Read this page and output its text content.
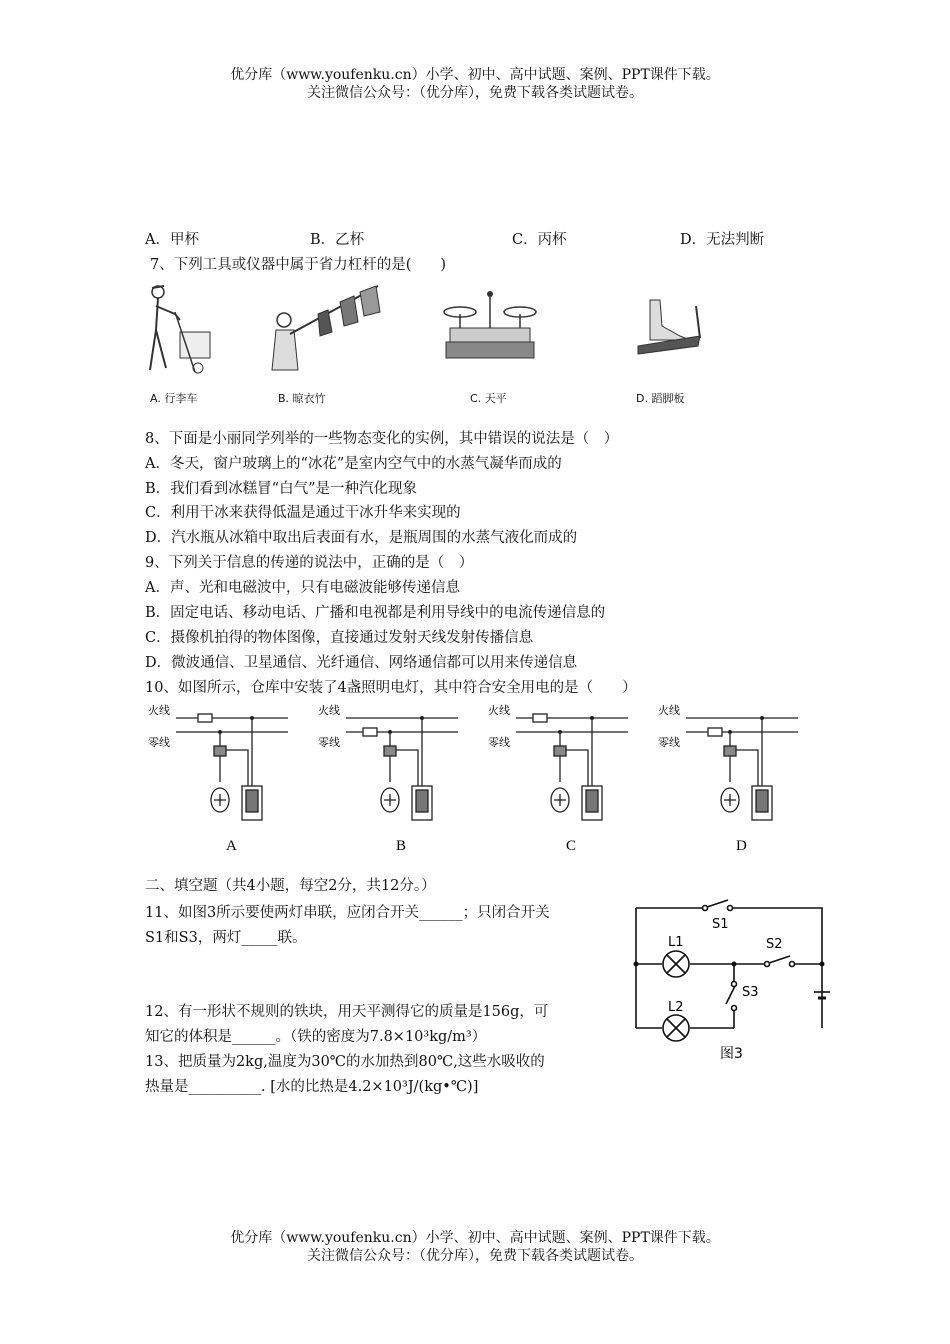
优分库（www.youfenku.cn）小学、初中、高中试题、案例、PPT课件下载。
关注微信公众号：（优分库），免费下载各类试题试卷。
A．甲杯	B．乙杯	C．丙杯	D．无法判断
7、下列工具或仪器中属于省力杠杆的是(　　)
A. 行李车	B. 晾衣竹	C. 天平	D. 蹈脚板
8、下面是小丽同学列举的一些物态变化的实例，其中错误的说法是（　）
A．冬天，窗户玻璃上的“冰花”是室内空气中的水蒸气凝华而成的
B．我们看到冰糕冒“白气”是一种汽化现象
C．利用干冰来获得低温是通过干冰升华来实现的
D．汽水瓶从冰箱中取出后表面有水，是瓶周围的水蒸气液化而成的
9、下列关于信息的传递的说法中，正确的是（　）
A．声、光和电磁波中，只有电磁波能够传递信息
B．固定电话、移动电话、广播和电视都是利用导线中的电流传递信息的
C．摄像机拍得的物体图像，直接通过发射天线发射传播信息
D．微波通信、卫星通信、光纤通信、网络通信都可以用来传递信息
10、如图所示，仓库中安装了4盏照明电灯，其中符合安全用电的是（　　）
火线
零线
A
火线
零线
B
火线
零线
C
火线
零线
D
二、填空题（共4小题，每空2分，共12分。）
11、如图3所示要使两灯串联，应闭合开关______；只闭合开关
S1和S3，两灯_____联。
12、有一形状不规则的铁块，用天平测得它的质量是156g，可
知它的体积是______。（铁的密度为7.8×10³kg/m³）
13、把质量为2kg,温度为30℃的水加热到80℃,这些水吸收的
热量是__________. [水的比热是4.2×10³J/(kg•℃)]
S1
L1	S2
L2
S3
图3
优分库（www.youfenku.cn）小学、初中、高中试题、案例、PPT课件下载。
关注微信公众号：（优分库），免费下载各类试题试卷。
